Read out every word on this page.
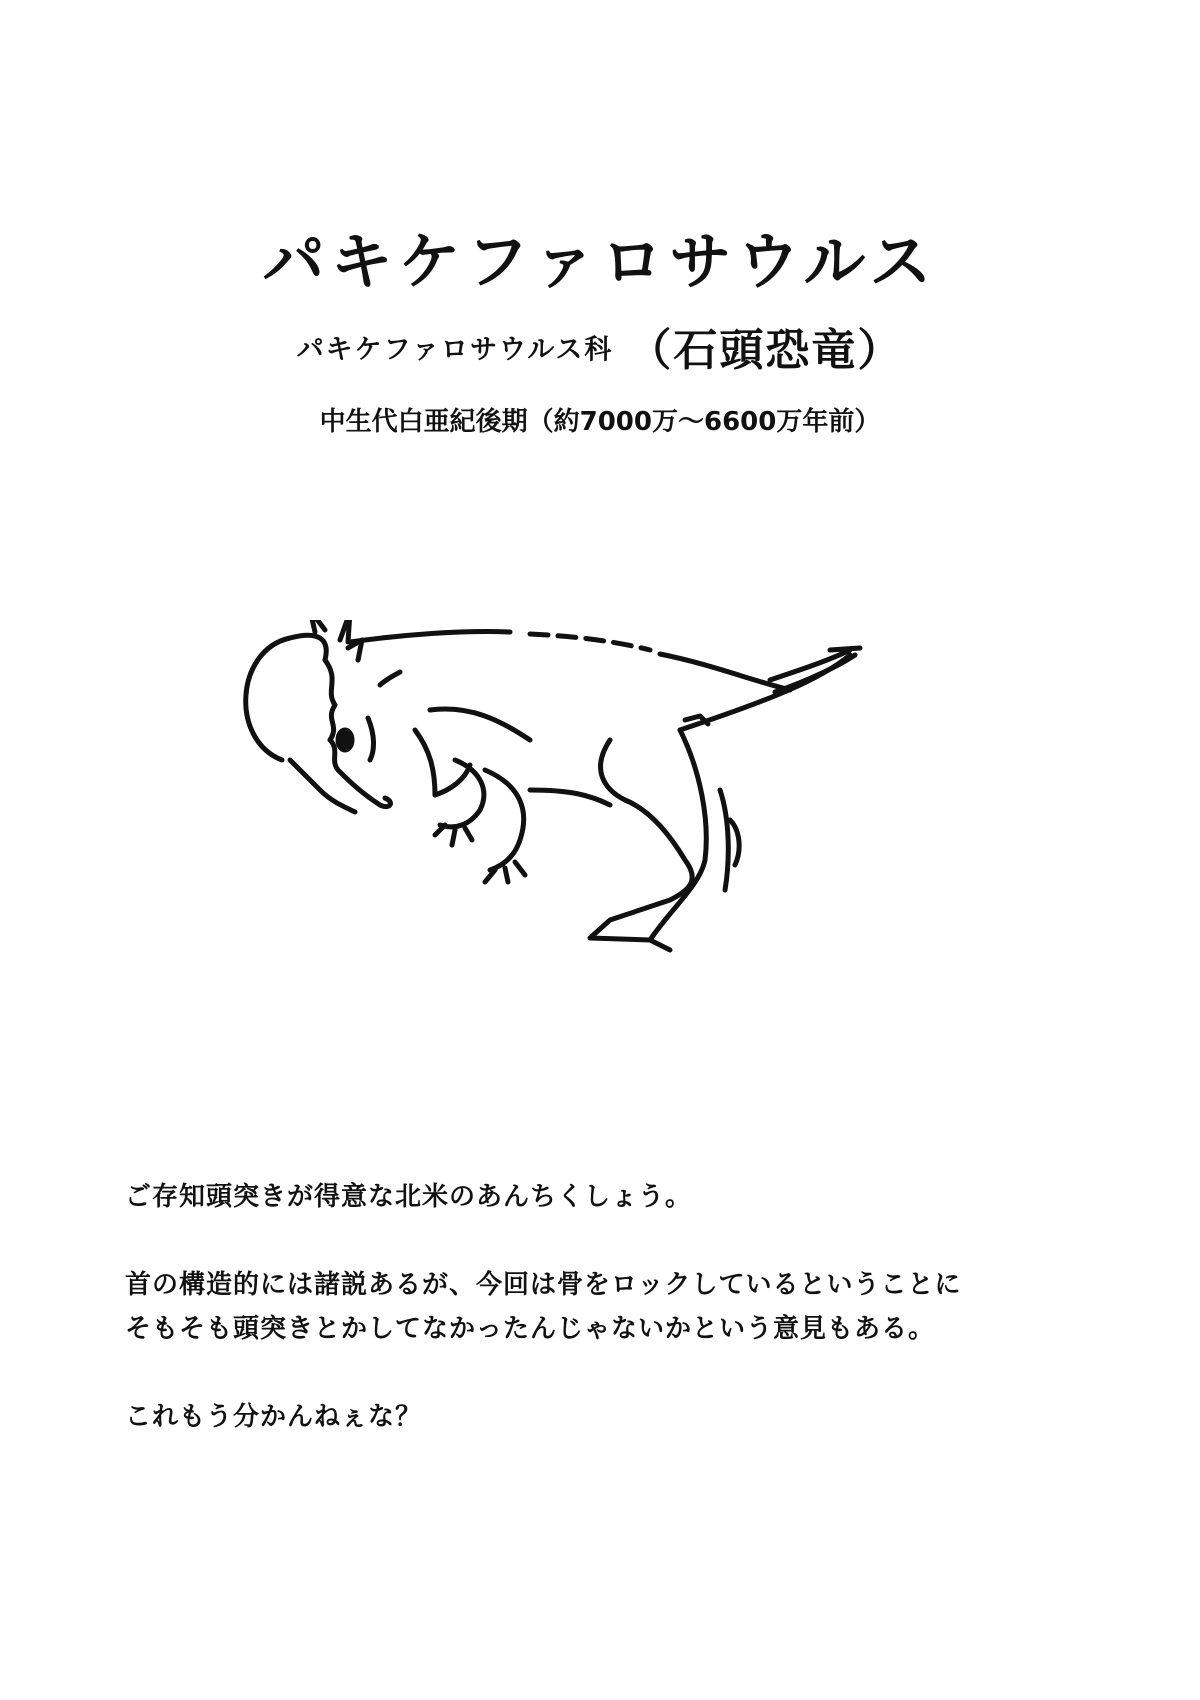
パキケファロサウルス
パキケファロサウルス科 （石頭恐竜）
中生代白亜紀後期（約7000万〜6600万年前）

ご存知頭突きが得意な北米のあんちくしょう。

首の構造的には諸説あるが、今回は骨をロックしているということに

そもそも頭突きとかしてなかったんじゃないかという意見もある。

これもう分かんねぇな？
